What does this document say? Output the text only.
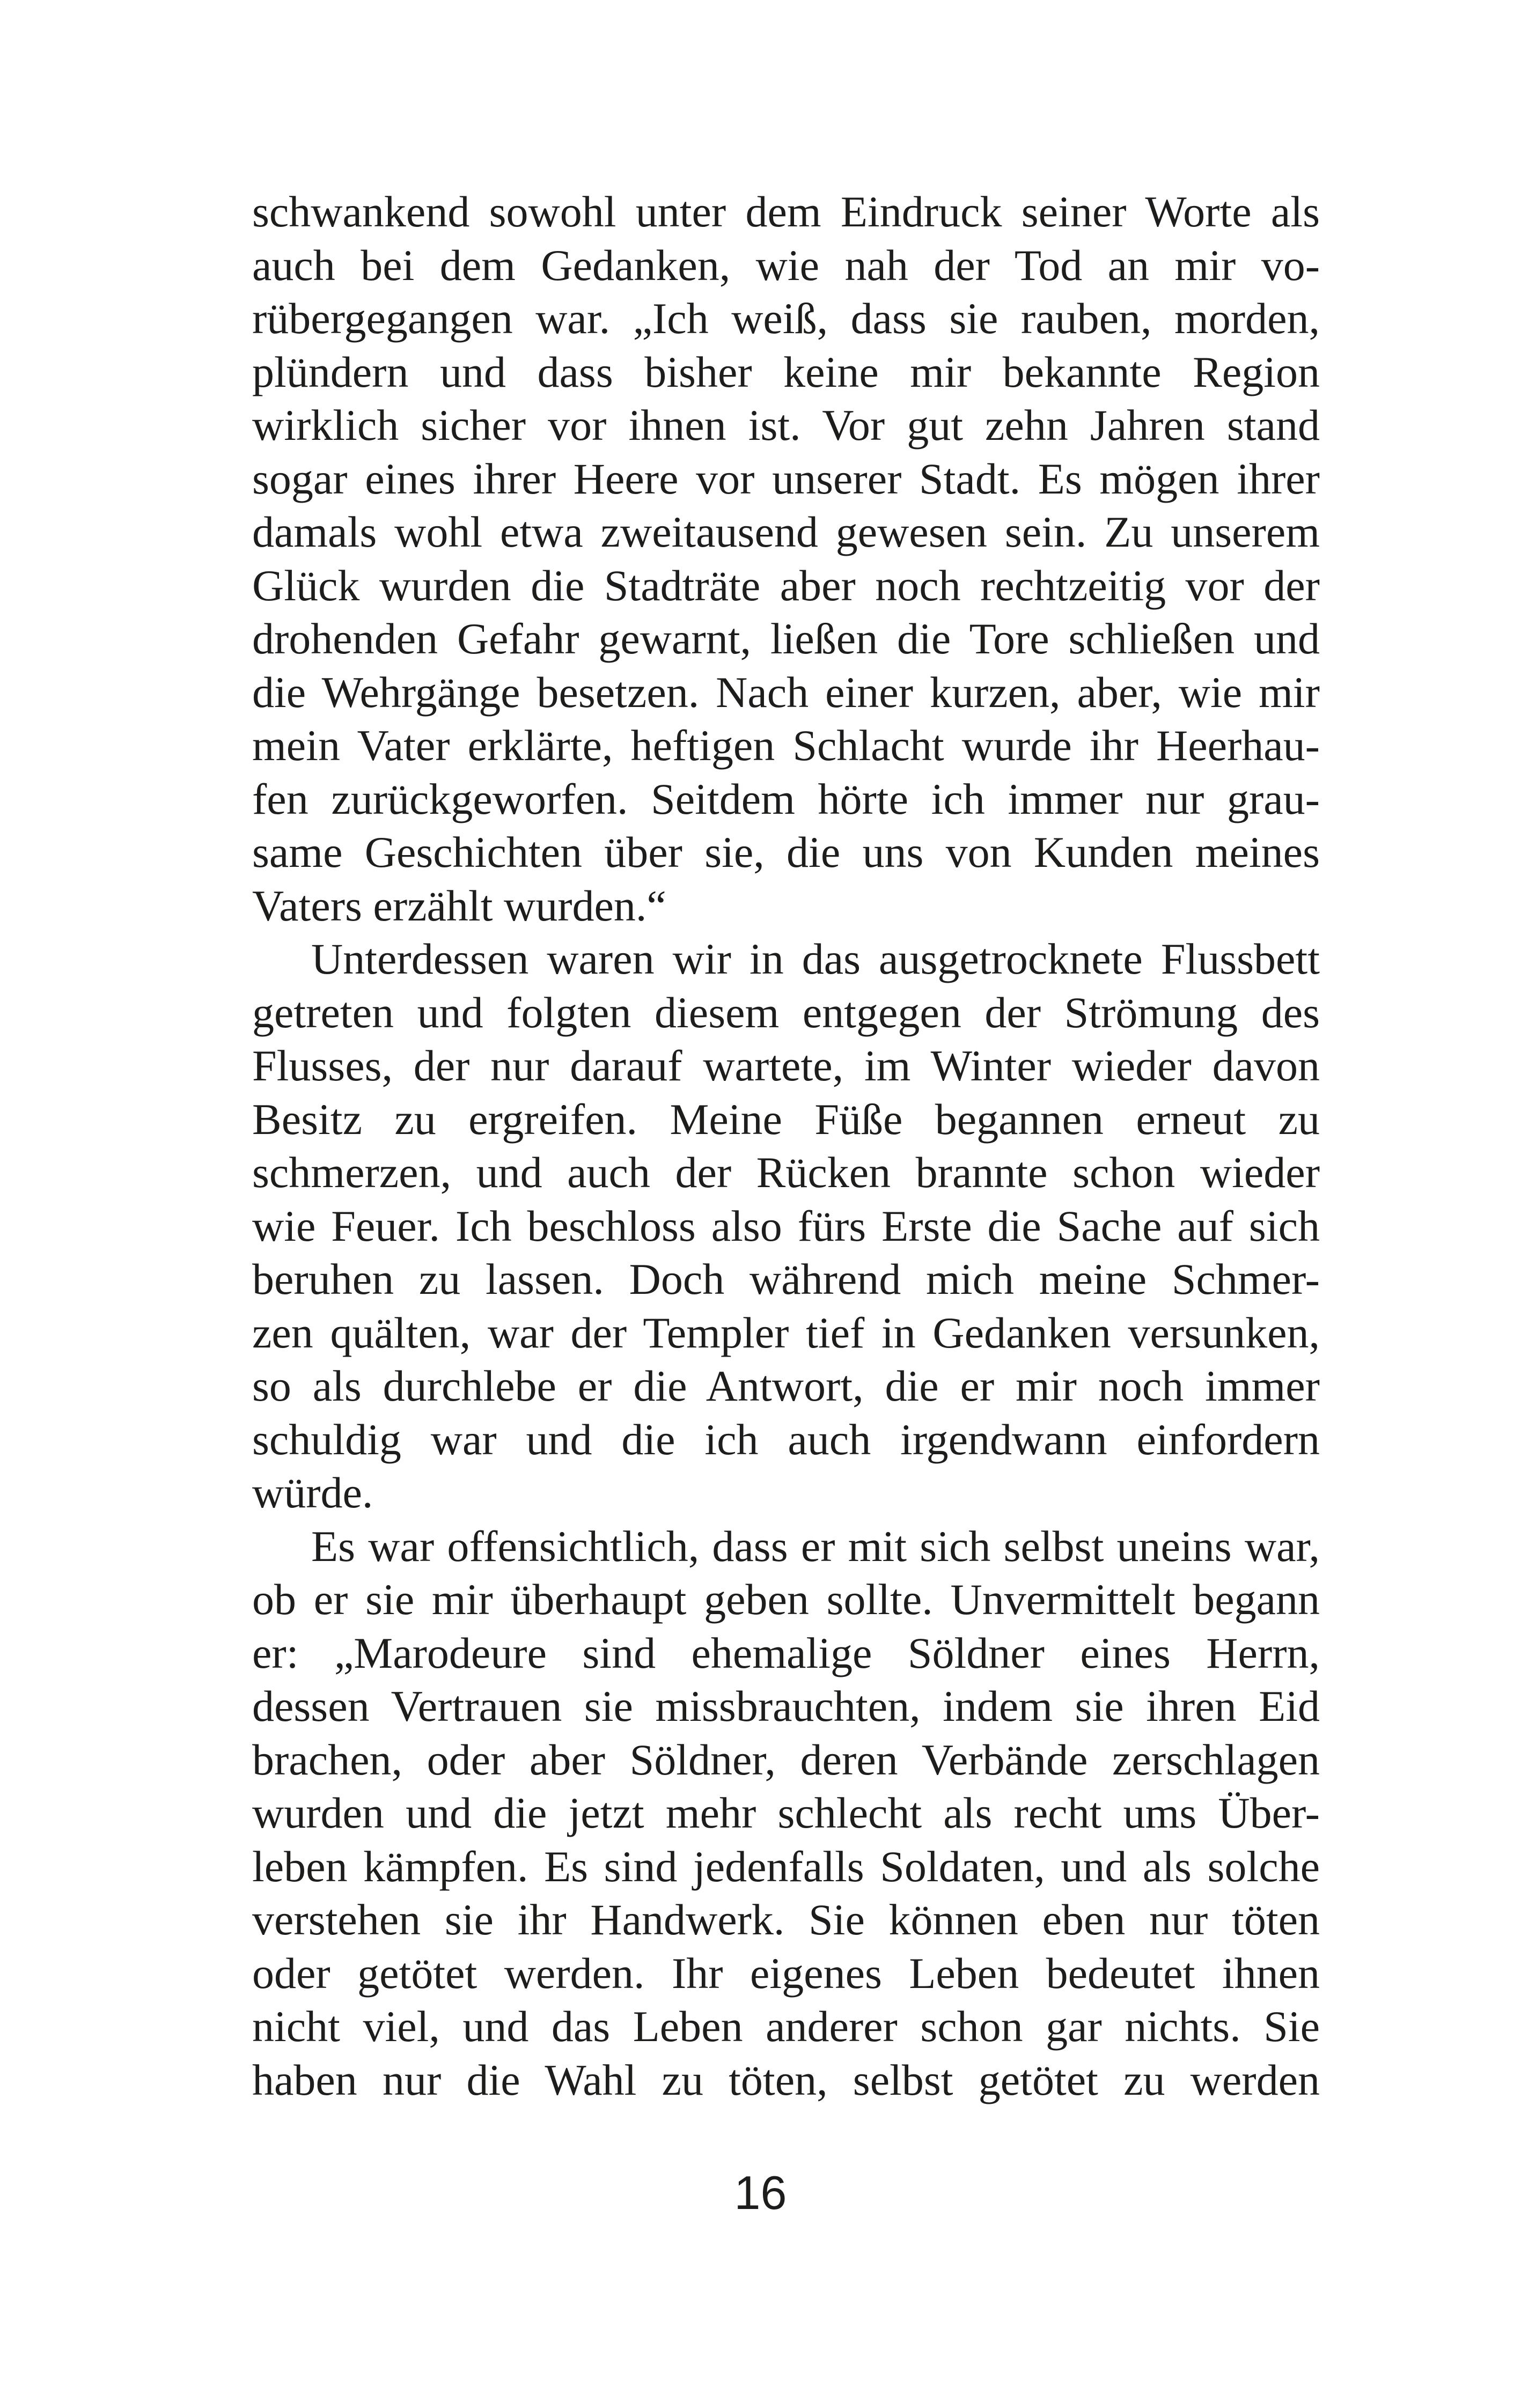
schwankend sowohl unter dem Eindruck seiner Worte als
auch bei dem Gedanken, wie nah der Tod an mir vo-
rübergegangen war. „Ich weiß, dass sie rauben, morden,
plündern und dass bisher keine mir bekannte Region
wirklich sicher vor ihnen ist. Vor gut zehn Jahren stand
sogar eines ihrer Heere vor unserer Stadt. Es mögen ihrer
damals wohl etwa zweitausend gewesen sein. Zu unserem
Glück wurden die Stadträte aber noch rechtzeitig vor der
drohenden Gefahr gewarnt, ließen die Tore schließen und
die Wehrgänge besetzen. Nach einer kurzen, aber, wie mir
mein Vater erklärte, heftigen Schlacht wurde ihr Heerhau-
fen zurückgeworfen. Seitdem hörte ich immer nur grau-
same Geschichten über sie, die uns von Kunden meines
Vaters erzählt wurden.“
Unterdessen waren wir in das ausgetrocknete Flussbett
getreten und folgten diesem entgegen der Strömung des
Flusses, der nur darauf wartete, im Winter wieder davon
Besitz zu ergreifen. Meine Füße begannen erneut zu
schmerzen, und auch der Rücken brannte schon wieder
wie Feuer. Ich beschloss also fürs Erste die Sache auf sich
beruhen zu lassen. Doch während mich meine Schmer-
zen quälten, war der Templer tief in Gedanken versunken,
so als durchlebe er die Antwort, die er mir noch immer
schuldig war und die ich auch irgendwann einfordern
würde.
Es war offensichtlich, dass er mit sich selbst uneins war,
ob er sie mir überhaupt geben sollte. Unvermittelt begann
er: „Marodeure sind ehemalige Söldner eines Herrn,
dessen Vertrauen sie missbrauchten, indem sie ihren Eid
brachen, oder aber Söldner, deren Verbände zerschlagen
wurden und die jetzt mehr schlecht als recht ums Über-
leben kämpfen. Es sind jedenfalls Soldaten, und als solche
verstehen sie ihr Handwerk. Sie können eben nur töten
oder getötet werden. Ihr eigenes Leben bedeutet ihnen
nicht viel, und das Leben anderer schon gar nichts. Sie
haben nur die Wahl zu töten, selbst getötet zu werden
16
